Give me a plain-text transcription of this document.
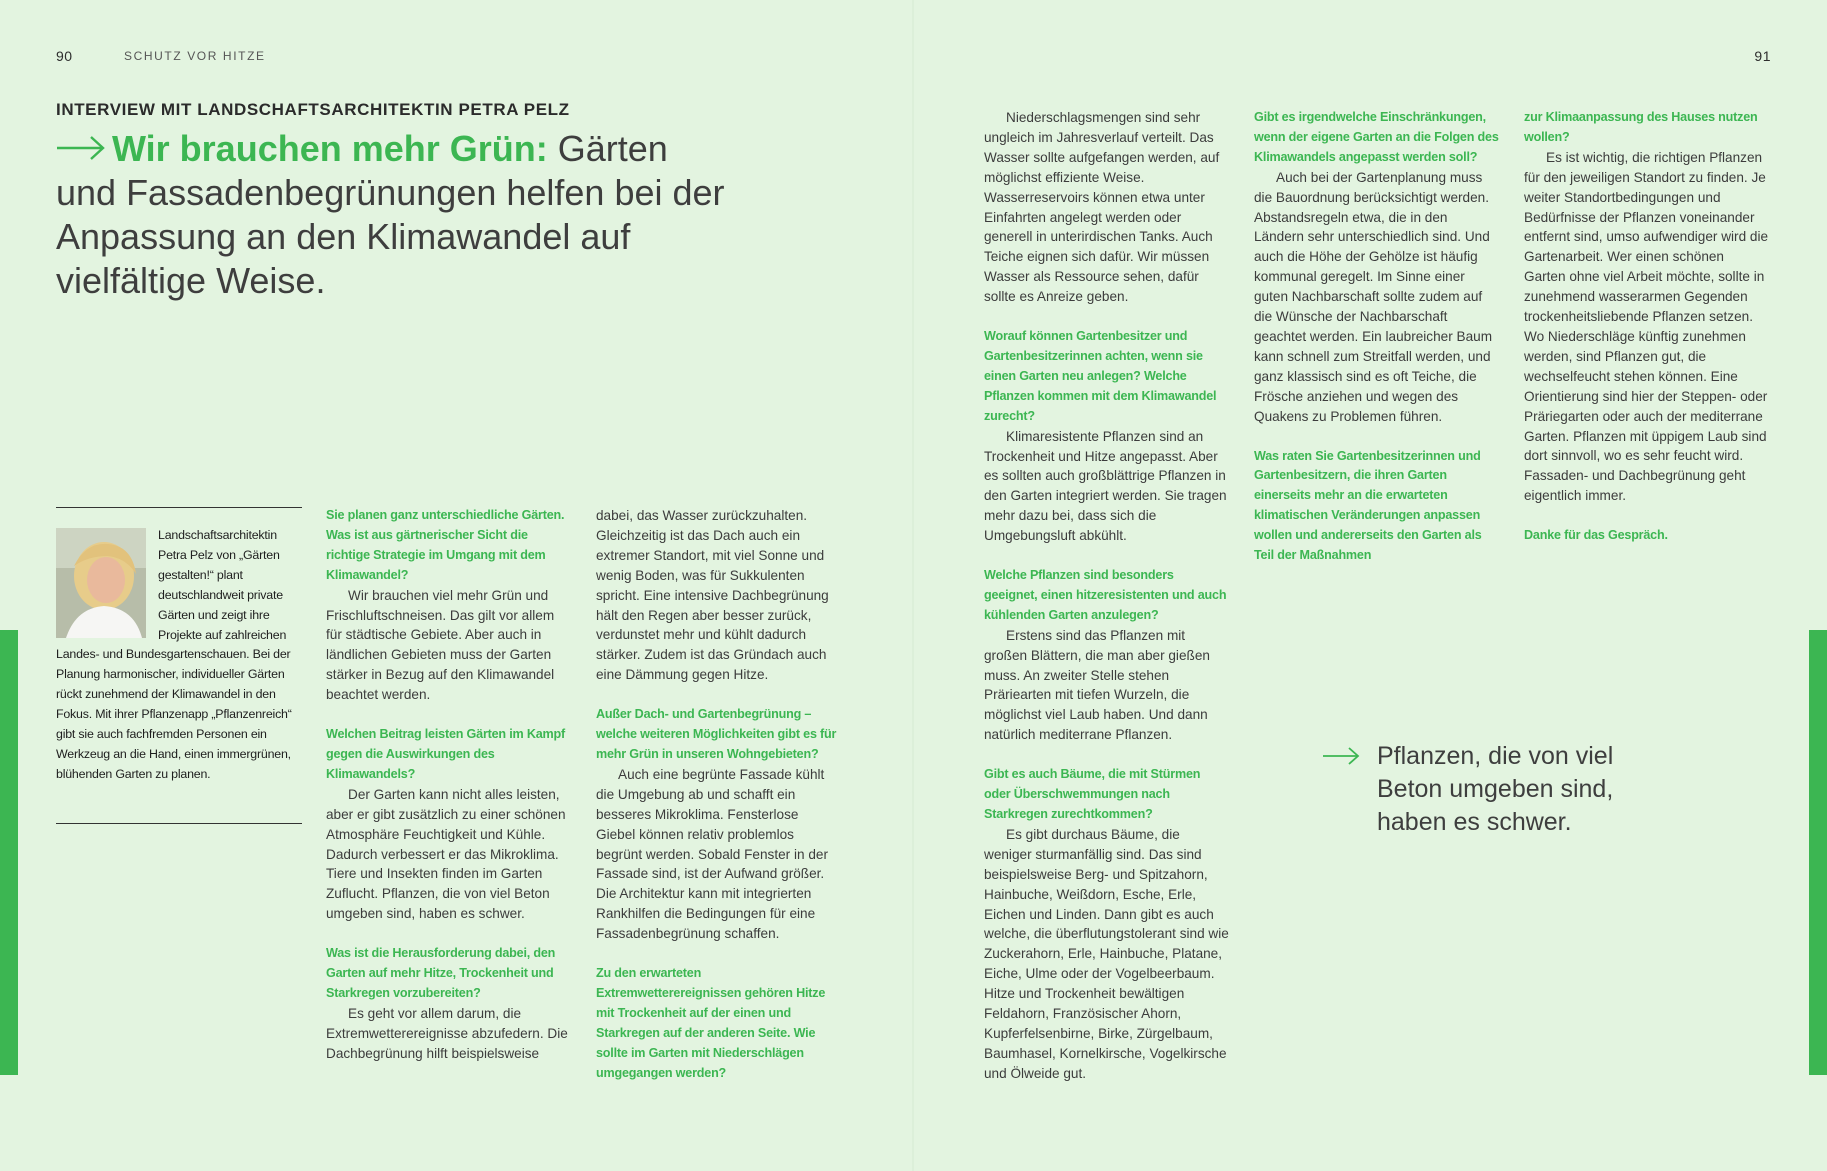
90	SCHUTZ VOR HITZE
INTERVIEW MIT LANDSCHAFTSARCHITEKTIN PETRA PELZ
Wir brauchen mehr Grün: Gärten und Fassadenbegrünungen helfen bei der Anpassung an den Klimawandel auf vielfältige Weise.
Landschaftsarchitektin Petra Pelz von „Gärten gestalten!“ plant deutschlandweit private Gärten und zeigt ihre Projekte auf zahlreichen Landes- und Bundesgartenschauen. Bei der Planung harmonischer, individueller Gärten rückt zunehmend der Klimawandel in den Fokus. Mit ihrer Pflanzenapp „Pflanzenreich“ gibt sie auch fachfremden Personen ein Werkzeug an die Hand, einen immergrünen, blühenden Garten zu planen.
Sie planen ganz unterschiedliche Gärten. Was ist aus gärtnerischer Sicht die richtige Strategie im Umgang mit dem Klimawandel?
Wir brauchen viel mehr Grün und Frischluftschneisen. Das gilt vor allem für städtische Gebiete. Aber auch in ländlichen Gebieten muss der Garten stärker in Bezug auf den Klimawandel beachtet werden.
Welchen Beitrag leisten Gärten im Kampf gegen die Auswirkungen des Klimawandels?
Der Garten kann nicht alles leisten, aber er gibt zusätzlich zu einer schönen Atmosphäre Feuchtigkeit und Kühle. Dadurch verbessert er das Mikroklima. Tiere und Insekten finden im Garten Zuflucht. Pflanzen, die von viel Beton umgeben sind, haben es schwer.
Was ist die Herausforderung dabei, den Garten auf mehr Hitze, Trockenheit und Starkregen vorzubereiten?
Es geht vor allem darum, die Extremwetterereignisse abzufedern. Die Dachbegrünung hilft beispielsweise
dabei, das Wasser zurückzuhalten. Gleichzeitig ist das Dach auch ein extremer Standort, mit viel Sonne und wenig Boden, was für Sukkulenten spricht. Eine intensive Dachbegrünung hält den Regen aber besser zurück, verdunstet mehr und kühlt dadurch stärker. Zudem ist das Gründach auch eine Dämmung gegen Hitze.
Außer Dach- und Gartenbegrünung – welche weiteren Möglichkeiten gibt es für mehr Grün in unseren Wohngebieten?
Auch eine begrünte Fassade kühlt die Umgebung ab und schafft ein besseres Mikroklima. Fensterlose Giebel können relativ problemlos begrünt werden. Sobald Fenster in der Fassade sind, ist der Aufwand größer. Die Architektur kann mit integrierten Rankhilfen die Bedingungen für eine Fassadenbegrünung schaffen.
Zu den erwarteten Extremwetterereignissen gehören Hitze mit Trockenheit auf der einen und Starkregen auf der anderen Seite. Wie sollte im Garten mit Niederschlägen umgegangen werden?
91
Niederschlagsmengen sind sehr ungleich im Jahresverlauf verteilt. Das Wasser sollte aufgefangen werden, auf möglichst effiziente Weise. Wasserreservoirs können etwa unter Einfahrten angelegt werden oder generell in unterirdischen Tanks. Auch Teiche eignen sich dafür. Wir müssen Wasser als Ressource sehen, dafür sollte es Anreize geben.
Worauf können Gartenbesitzer und Gartenbesitzerinnen achten, wenn sie einen Garten neu anlegen? Welche Pflanzen kommen mit dem Klimawandel zurecht?
Klimaresistente Pflanzen sind an Trockenheit und Hitze angepasst. Aber es sollten auch großblättrige Pflanzen in den Garten integriert werden. Sie tragen mehr dazu bei, dass sich die Umgebungsluft abkühlt.
Welche Pflanzen sind besonders geeignet, einen hitzeresistenten und auch kühlenden Garten anzulegen?
Erstens sind das Pflanzen mit großen Blättern, die man aber gießen muss. An zweiter Stelle stehen Präriearten mit tiefen Wurzeln, die möglichst viel Laub haben. Und dann natürlich mediterrane Pflanzen.
Gibt es auch Bäume, die mit Stürmen oder Überschwemmungen nach Starkregen zurechtkommen?
Es gibt durchaus Bäume, die weniger sturmanfällig sind. Das sind beispielsweise Berg- und Spitzahorn, Hainbuche, Weißdorn, Esche, Erle, Eichen und Linden. Dann gibt es auch welche, die überflutungstolerant sind wie Zuckerahorn, Erle, Hainbuche, Platane, Eiche, Ulme oder der Vogelbeerbaum. Hitze und Trockenheit bewältigen Feldahorn, Französischer Ahorn, Kupferfelsenbirne, Birke, Zürgelbaum, Baumhasel, Kornelkirsche, Vogelkirsche und Ölweide gut.
Gibt es irgendwelche Einschränkungen, wenn der eigene Garten an die Folgen des Klimawandels angepasst werden soll?
Auch bei der Gartenplanung muss die Bauordnung berücksichtigt werden. Abstandsregeln etwa, die in den Ländern sehr unterschiedlich sind. Und auch die Höhe der Gehölze ist häufig kommunal geregelt. Im Sinne einer guten Nachbarschaft sollte zudem auf die Wünsche der Nachbarschaft geachtet werden. Ein laubreicher Baum kann schnell zum Streitfall werden, und ganz klassisch sind es oft Teiche, die Frösche anziehen und wegen des Quakens zu Problemen führen.
Was raten Sie Gartenbesitzerinnen und Gartenbesitzern, die ihren Garten einerseits mehr an die erwarteten klimatischen Veränderungen anpassen wollen und andererseits den Garten als Teil der Maßnahmen
zur Klimaanpassung des Hauses nutzen wollen?
Es ist wichtig, die richtigen Pflanzen für den jeweiligen Standort zu finden. Je weiter Standortbedingungen und Bedürfnisse der Pflanzen voneinander entfernt sind, umso aufwendiger wird die Gartenarbeit. Wer einen schönen Garten ohne viel Arbeit möchte, sollte in zunehmend wasserarmen Gegenden trockenheitsliebende Pflanzen setzen. Wo Niederschläge künftig zunehmen werden, sind Pflanzen gut, die wechselfeucht stehen können. Eine Orientierung sind hier der Steppen- oder Präriegarten oder auch der mediterrane Garten. Pflanzen mit üppigem Laub sind dort sinnvoll, wo es sehr feucht wird. Fassaden- und Dachbegrünung geht eigentlich immer.
Danke für das Gespräch.
Pflanzen, die von viel Beton umgeben sind, haben es schwer.
